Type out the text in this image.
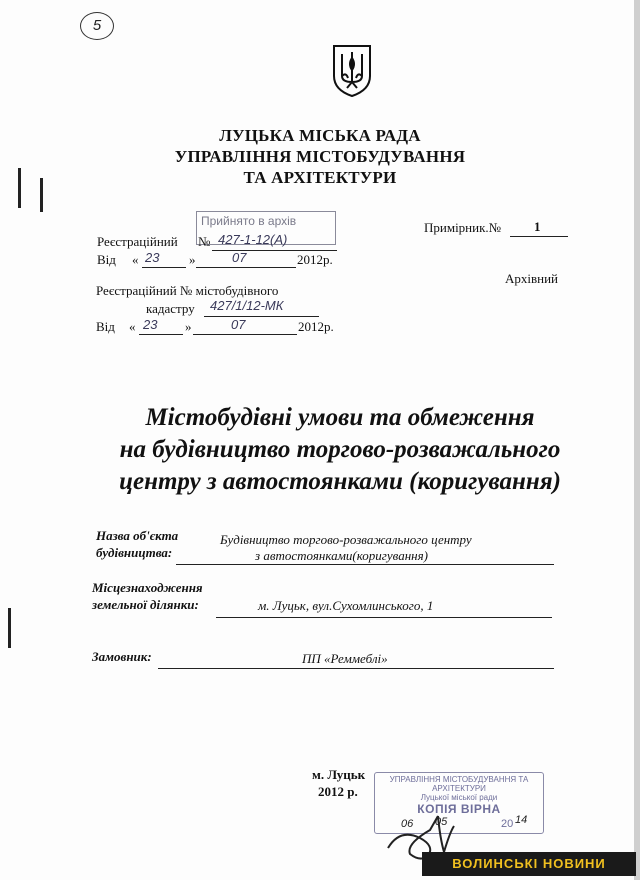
5
ЛУЦЬКА МІСЬКА РАДА
УПРАВЛІННЯ МІСТОБУДУВАННЯ
ТА АРХІТЕКТУРИ
Прийнято в архів
Реєстраційний № 427-1-12(А)
Від « 23 »	07	2012р.
Реєстраційний № містобудівного
кадастру 427/1/12-МК
Від « 23 »	07	2012р.
Примірник.№	1
Архівний
Містобудівні умови та обмеження
на будівництво торгово-розважального
центру з автостоянками (коригування)
Назва об'єкта
будівництва:
Будівництво торгово-розважального центру
з автостоянками(коригування)
Місцезнаходження
земельної ділянки:	м. Луцьк, вул.Сухомлинського, 1
Замовник:	ПП «Реммеблі»
м. Луцьк
2012 р.
УПРАВЛІННЯ МІСТОБУДУВАННЯ ТА АРХІТЕКТУРИ
Луцької міської ради
КОПІЯ ВІРНА
06 05	20 14
ВОЛИНСЬКІ НОВИНИ
